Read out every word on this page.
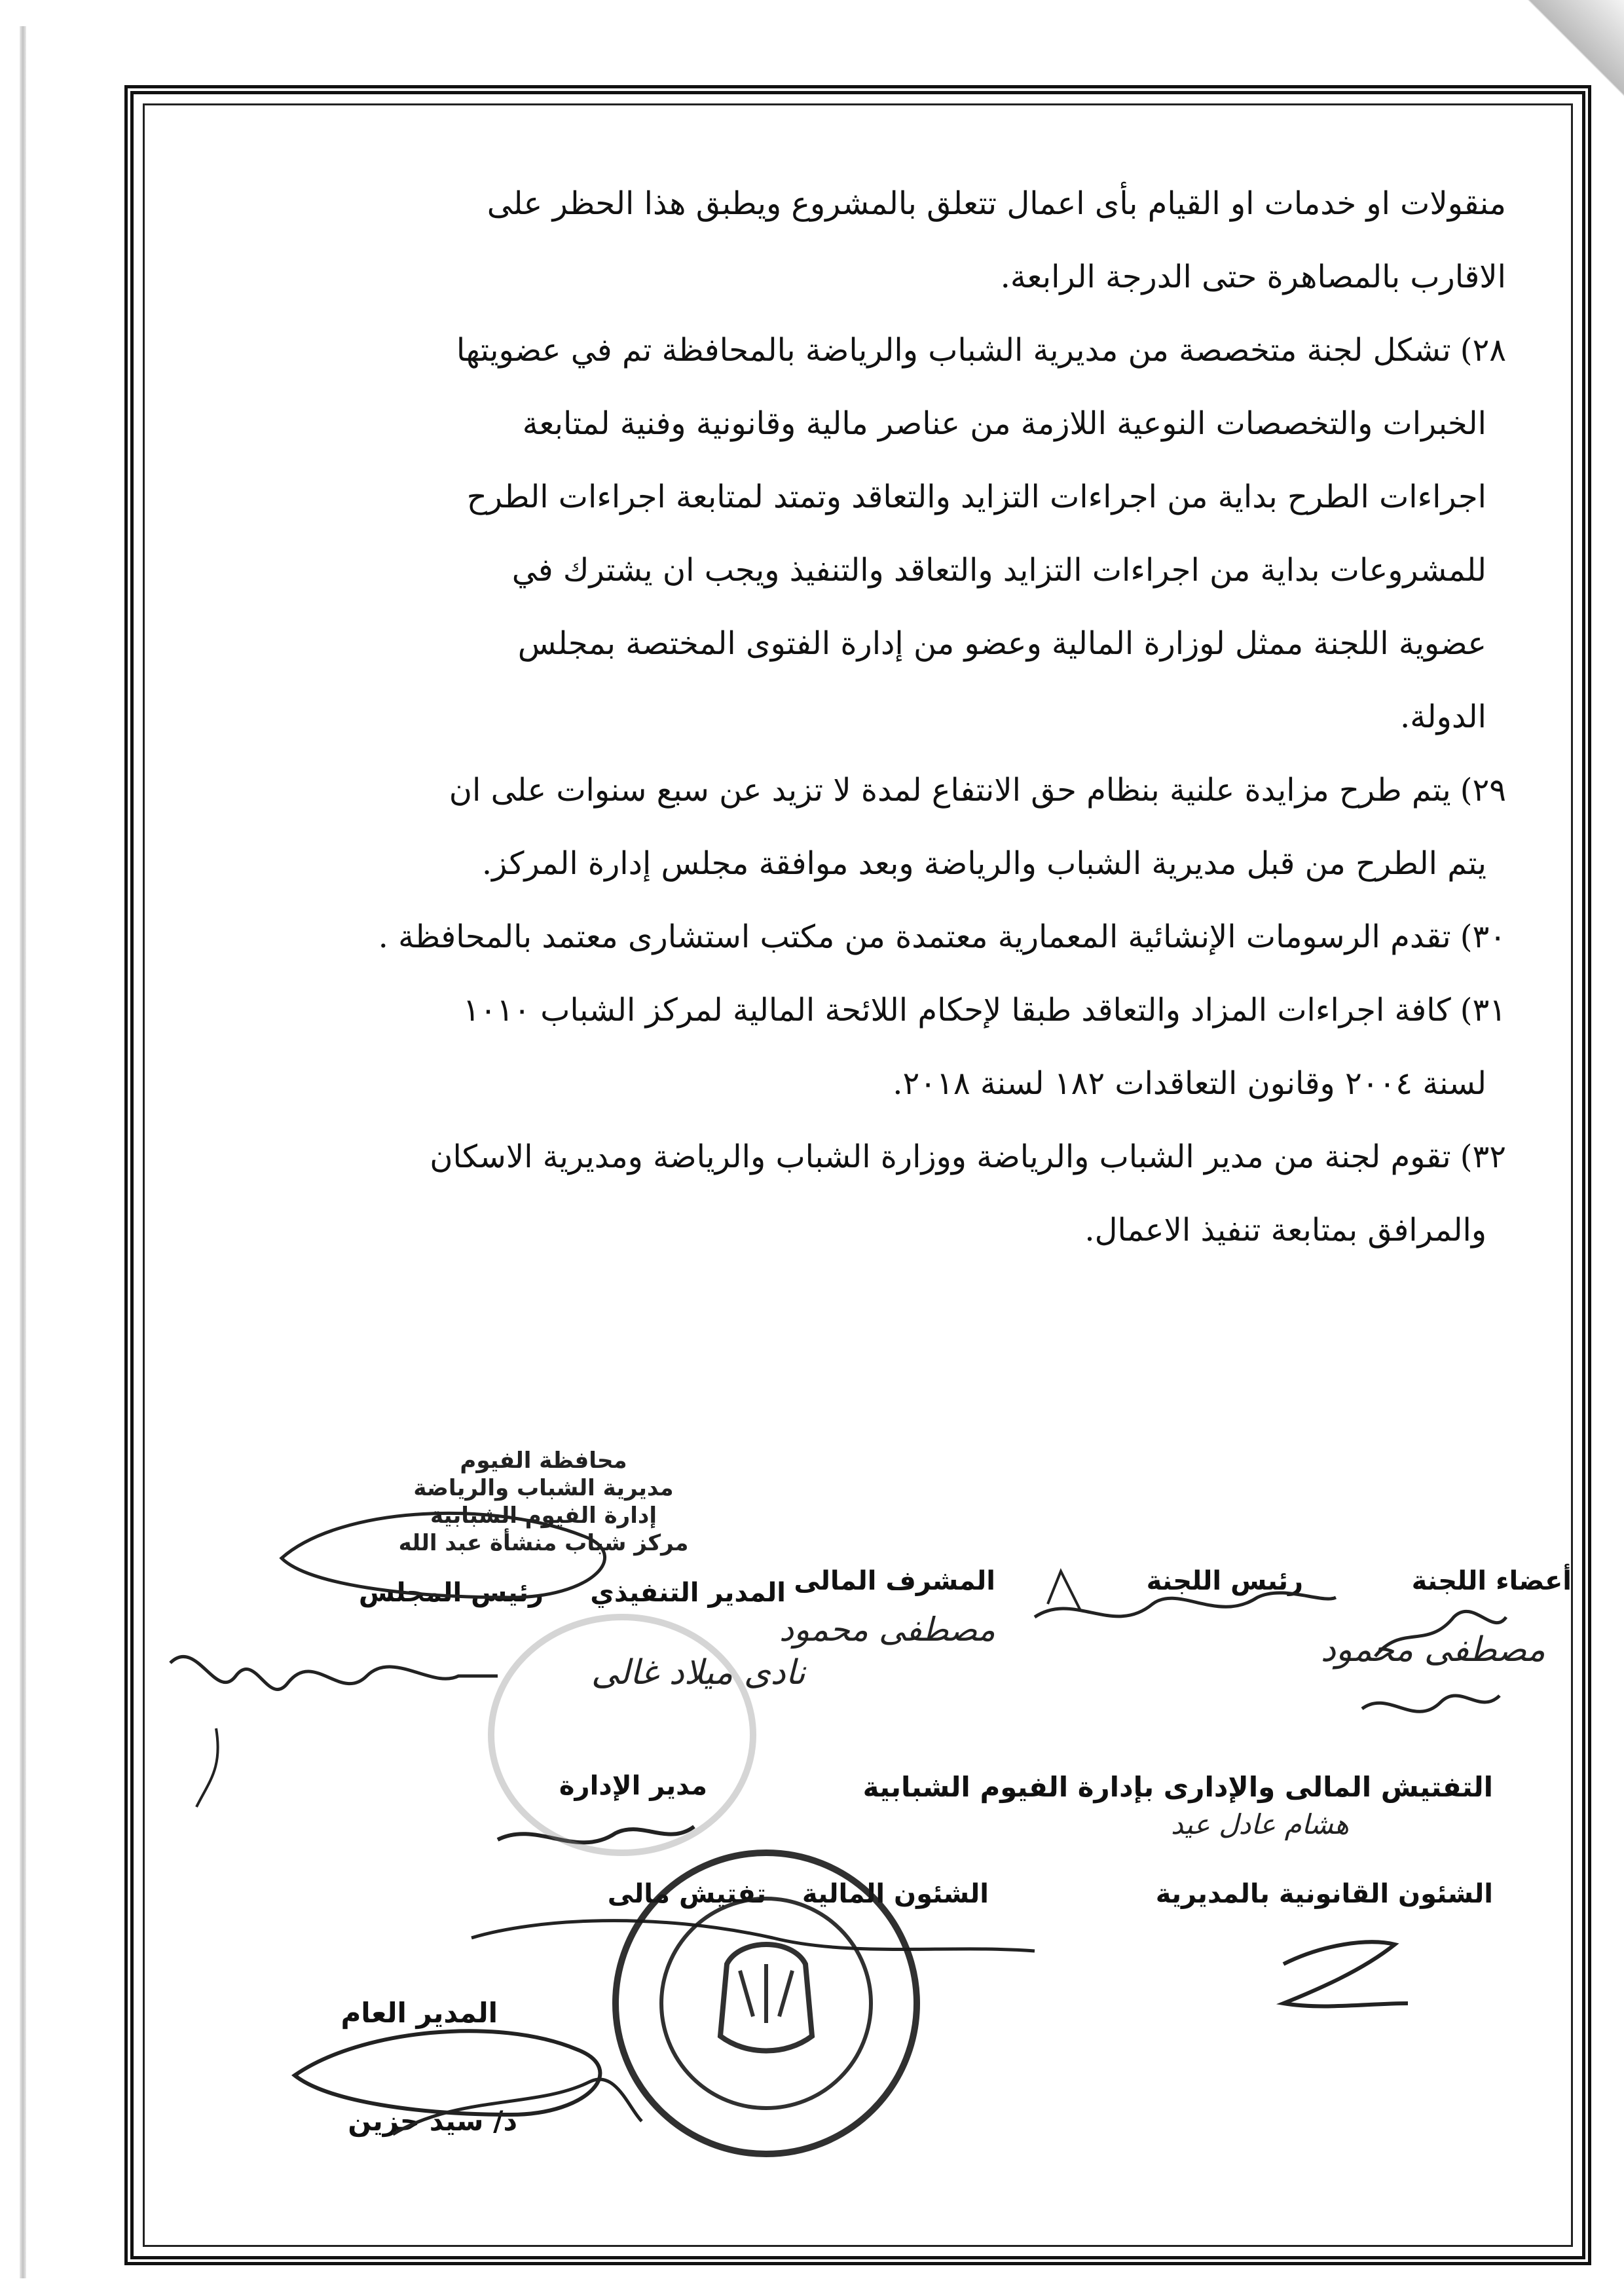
منقولات او خدمات او القيام بأى اعمال تتعلق بالمشروع ويطبق هذا الحظر على
الاقارب بالمصاهرة حتى الدرجة الرابعة.
٢٨)تشكل لجنة متخصصة من مديرية الشباب والرياضة بالمحافظة تم في عضويتها
الخبرات والتخصصات النوعية اللازمة من عناصر مالية وقانونية وفنية لمتابعة
اجراءات الطرح بداية من اجراءات التزايد والتعاقد وتمتد لمتابعة اجراءات الطرح
للمشروعات بداية من اجراءات التزايد والتعاقد والتنفيذ ويجب ان يشترك في
عضوية اللجنة ممثل لوزارة المالية وعضو من إدارة الفتوى المختصة بمجلس
الدولة.
٢٩)يتم طرح مزايدة علنية بنظام حق الانتفاع لمدة لا تزيد عن سبع سنوات على ان
يتم الطرح من قبل مديرية الشباب والرياضة وبعد موافقة مجلس إدارة المركز.
٣٠)تقدم الرسومات الإنشائية المعمارية معتمدة من مكتب استشارى معتمد بالمحافظة .
٣١)كافة اجراءات المزاد والتعاقد طبقا لإحكام اللائحة المالية لمركز الشباب ١٠١٠
لسنة ٢٠٠٤ وقانون التعاقدات ١٨٢ لسنة ٢٠١٨.
٣٢)تقوم لجنة من مدير الشباب والرياضة ووزارة الشباب والرياضة ومديرية الاسكان
والمرافق بمتابعة تنفيذ الاعمال.
محافظة الفيوم
مديرية الشباب والرياضة
إدارة الفيوم الشبابية
مركز شباب منشأة عبد الله
أعضاء اللجنة
رئيس اللجنة
المشرف المالى
المدير التنفيذي
رئيس المجلس
مصطفى محمود
مصطفى محمود
نادى ميلاد غالى
التفتيش المالى والإدارى بإدارة الفيوم الشبابية
هشام عادل عيد
مدير الإدارة
الشئون القانونية بالمديرية
الشئون المالية
تفتيش مالى
المدير العام
د/ سيد حزين
